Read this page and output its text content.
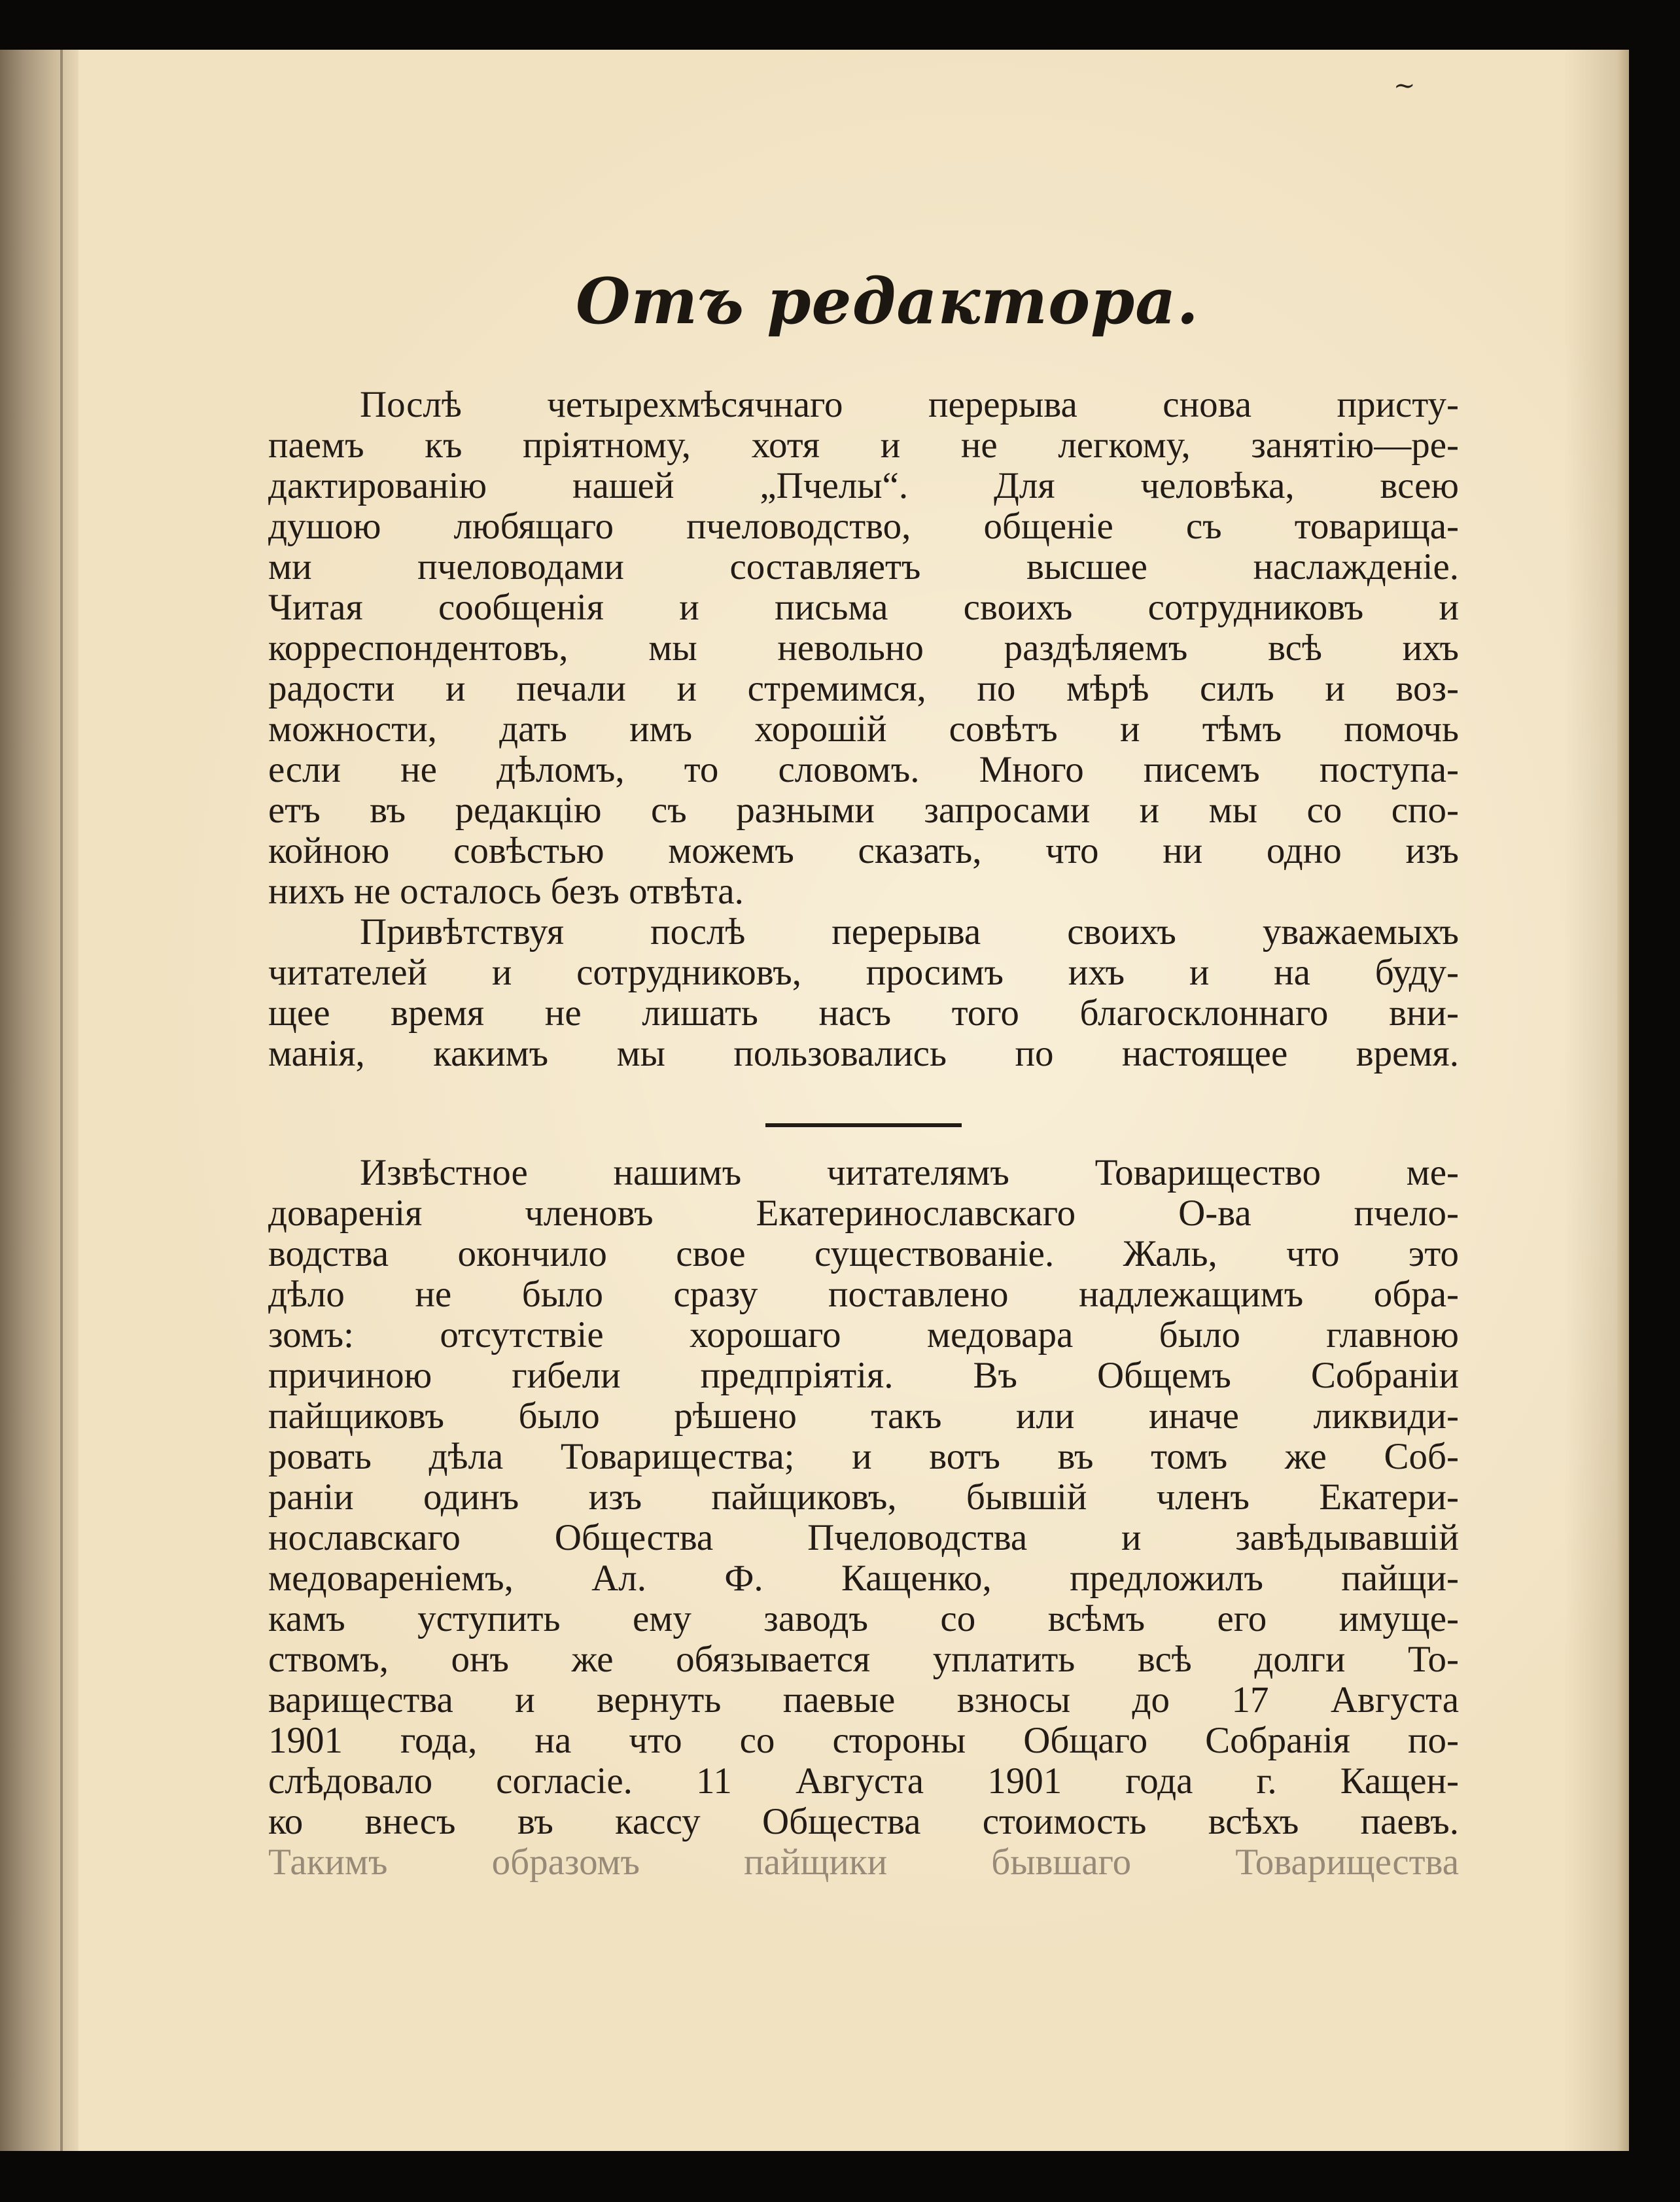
~
Отъ редактора.
Послѣ четырехмѣсячнаго перерыва снова присту-
паемъ къ пріятному, хотя и не легкому, занятію—ре-
дактированію нашей „Пчелы“. Для человѣка, всею
душою любящаго пчеловодство, общеніе съ товарища-
ми пчеловодами составляетъ высшее наслажденіе.
Читая сообщенія и письма своихъ сотрудниковъ и
корреспондентовъ, мы невольно раздѣляемъ всѣ ихъ
радости и печали и стремимся, по мѣрѣ силъ и воз-
можности, дать имъ хорошій совѣтъ и тѣмъ помочь
если не дѣломъ, то словомъ. Много писемъ поступа-
етъ въ редакцію съ разными запросами и мы со спо-
койною совѣстью можемъ сказать, что ни одно изъ
нихъ не осталось безъ отвѣта.
Привѣтствуя послѣ перерыва своихъ уважаемыхъ
читателей и сотрудниковъ, просимъ ихъ и на буду-
щее время не лишать насъ того благосклоннаго вни-
манія, какимъ мы пользовались по настоящее время.
Извѣстное нашимъ читателямъ Товарищество ме-
доваренія членовъ Екатеринославскаго О-ва пчело-
водства окончило свое существованіе. Жаль, что это
дѣло не было сразу поставлено надлежащимъ обра-
зомъ: отсутствіе хорошаго медовара было главною
причиною гибели предпріятія. Въ Общемъ Собраніи
пайщиковъ было рѣшено такъ или иначе ликвиди-
ровать дѣла Товарищества; и вотъ въ томъ же Соб-
раніи одинъ изъ пайщиковъ, бывшій членъ Екатери-
нославскаго Общества Пчеловодства и завѣдывавшій
медовареніемъ, Ал. Ф. Кащенко, предложилъ пайщи-
камъ уступить ему заводъ со всѣмъ его имуще-
ствомъ, онъ же обязывается уплатить всѣ долги То-
варищества и вернуть паевые взносы до 17 Августа
1901 года, на что со стороны Общаго Собранія по-
слѣдовало согласіе. 11 Августа 1901 года г. Кащен-
ко внесъ въ кассу Общества стоимость всѣхъ паевъ.
Такимъ образомъ пайщики бывшаго Товарищества
